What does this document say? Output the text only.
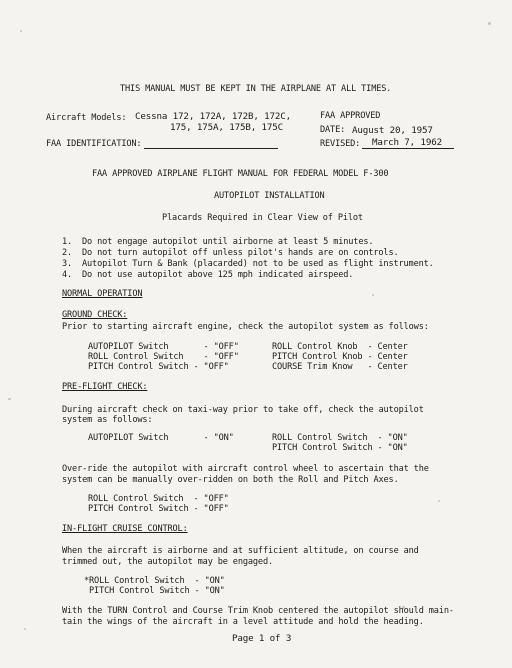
THIS MANUAL MUST BE KEPT IN THE AIRPLANE AT ALL TIMES.
Aircraft Models: Cessna 172, 172A, 172B, 172C,
175, 175A, 175B, 175C
FAA APPROVED
DATE: August 20, 1957
FAA IDENTIFICATION:	REVISED: March 7, 1962
FAA APPROVED AIRPLANE FLIGHT MANUAL FOR FEDERAL MODEL F-300
AUTOPILOT INSTALLATION
Placards Required in Clear View of Pilot
1. Do not engage autopilot until airborne at least 5 minutes.
2. Do not turn autopilot off unless pilot's hands are on controls.
3. Autopilot Turn & Bank (placarded) not to be used as flight instrument.
4. Do not use autopilot above 125 mph indicated airspeed.
NORMAL OPERATION
GROUND CHECK:
Prior to starting aircraft engine, check the autopilot system as follows:
AUTOPILOT Switch       - "OFF"
ROLL Control Switch    - "OFF"
PITCH Control Switch - "OFF"
ROLL Control Knob  - Center
PITCH Control Knob - Center
COURSE Trim Know   - Center
PRE-FLIGHT CHECK:
During aircraft check on taxi-way prior to take off, check the autopilot
system as follows:
AUTOPILOT Switch       - "ON"	ROLL Control Switch  - "ON"
PITCH Control Switch - "ON"
Over-ride the autopilot with aircraft control wheel to ascertain that the
system can be manually over-ridden on both the Roll and Pitch Axes.
ROLL Control Switch  - "OFF"
PITCH Control Switch - "OFF"
IN-FLIGHT CRUISE CONTROL:
When the aircraft is airborne and at sufficient altitude, on course and
trimmed out, the autopilot may be engaged.
*ROLL Control Switch  - "ON"
PITCH Control Switch - "ON"
With the TURN Control and Course Trim Knob centered the autopilot should main-
tain the wings of the aircraft in a level attitude and hold the heading.
Page 1 of 3
